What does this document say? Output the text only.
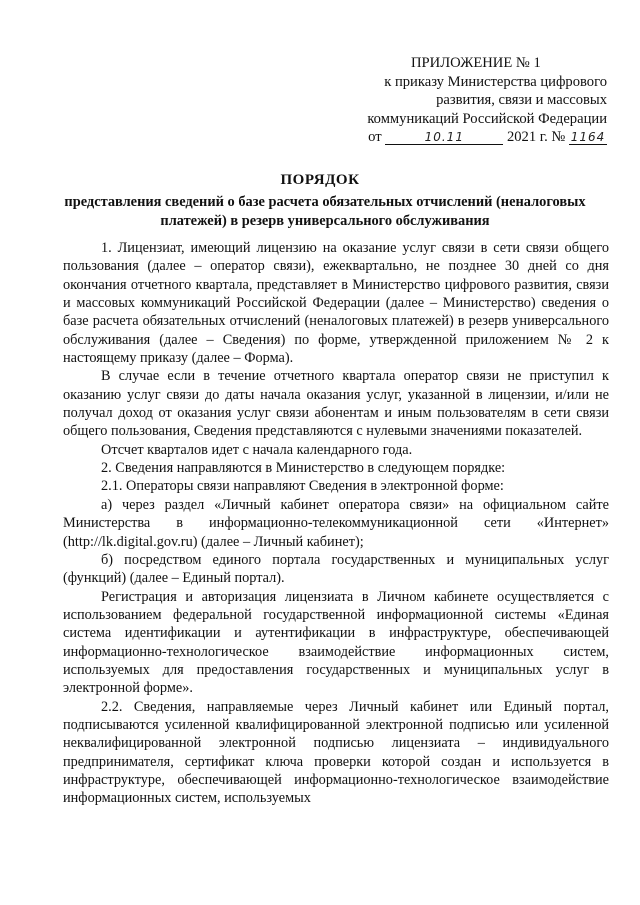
ПРИЛОЖЕНИЕ № 1
к приказу Министерства цифрового
развития, связи и массовых
коммуникаций Российской Федерации
от	10.11	2021 г. № 1164
ПОРЯДОК
представления сведений о базе расчета обязательных отчислений (неналоговых платежей) в резерв универсального обслуживания

1. Лицензиат, имеющий лицензию на оказание услуг связи в сети связи общего пользования (далее – оператор связи), ежеквартально, не позднее 30 дней со дня окончания отчетного квартала, представляет в Министерство цифрового развития, связи и массовых коммуникаций Российской Федерации (далее – Министерство) сведения о базе расчета обязательных отчислений (неналоговых платежей) в резерв универсального обслуживания (далее – Сведения) по форме, утвержденной приложением № 2 к настоящему приказу (далее – Форма).

В случае если в течение отчетного квартала оператор связи не приступил к оказанию услуг связи до даты начала оказания услуг, указанной в лицензии, и/или не получал доход от оказания услуг связи абонентам и иным пользователям в сети связи общего пользования, Сведения представляются с нулевыми значениями показателей.

Отсчет кварталов идет с начала календарного года.

2. Сведения направляются в Министерство в следующем порядке:

2.1. Операторы связи направляют Сведения в электронной форме:

а) через раздел «Личный кабинет оператора связи» на официальном сайте Министерства в информационно-телекоммуникационной сети «Интернет» (http://lk.digital.gov.ru) (далее – Личный кабинет);

б) посредством единого портала государственных и муниципальных услуг (функций) (далее – Единый портал).

Регистрация и авторизация лицензиата в Личном кабинете осуществляется с использованием федеральной государственной информационной системы «Единая система идентификации и аутентификации в инфраструктуре, обеспечивающей информационно-технологическое взаимодействие информационных систем, используемых для предоставления государственных и муниципальных услуг в электронной форме».

2.2. Сведения, направляемые через Личный кабинет или Единый портал, подписываются усиленной квалифицированной электронной подписью или усиленной неквалифицированной электронной подписью лицензиата – индивидуального предпринимателя, сертификат ключа проверки которой создан и используется в инфраструктуре, обеспечивающей информационно-технологическое взаимодействие информационных систем, используемых
